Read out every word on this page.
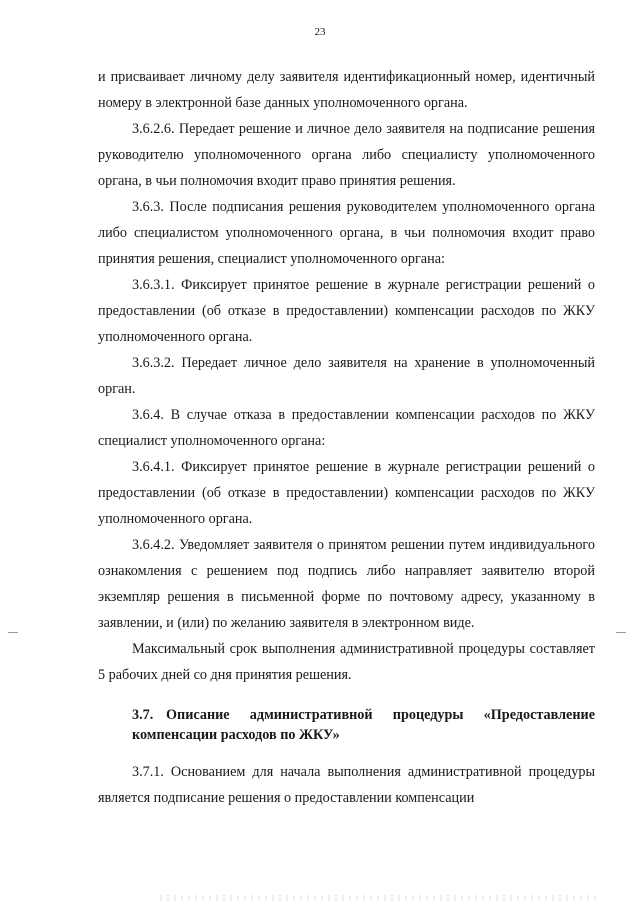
23

и присваивает личному делу заявителя идентификационный номер, идентичный номеру в электронной базе данных уполномоченного органа.

3.6.2.6. Передает решение и личное дело заявителя на подписание решения руководителю уполномоченного органа либо специалисту уполномоченного органа, в чьи полномочия входит право принятия решения.

3.6.3. После подписания решения руководителем уполномоченного органа либо специалистом уполномоченного органа, в чьи полномочия входит право принятия решения, специалист уполномоченного органа:

3.6.3.1. Фиксирует принятое решение в журнале регистрации решений о предоставлении (об отказе в предоставлении) компенсации расходов по ЖКУ уполномоченного органа.

3.6.3.2. Передает личное дело заявителя на хранение в уполномоченный орган.

3.6.4. В случае отказа в предоставлении компенсации расходов по ЖКУ специалист уполномоченного органа:

3.6.4.1. Фиксирует принятое решение в журнале регистрации решений о предоставлении (об отказе в предоставлении) компенсации расходов по ЖКУ уполномоченного органа.

3.6.4.2. Уведомляет заявителя о принятом решении путем индивидуального ознакомления с решением под подпись либо направляет заявителю второй экземпляр решения в письменной форме по почтовому адресу, указанному в заявлении, и (или) по желанию заявителя в электронном виде.

Максимальный срок выполнения административной процедуры составляет 5 рабочих дней со дня принятия решения.

3.7. Описание административной процедуры «Предоставление компенсации расходов по ЖКУ»

3.7.1. Основанием для начала выполнения административной процедуры является подписание решения о предоставлении компенсации
